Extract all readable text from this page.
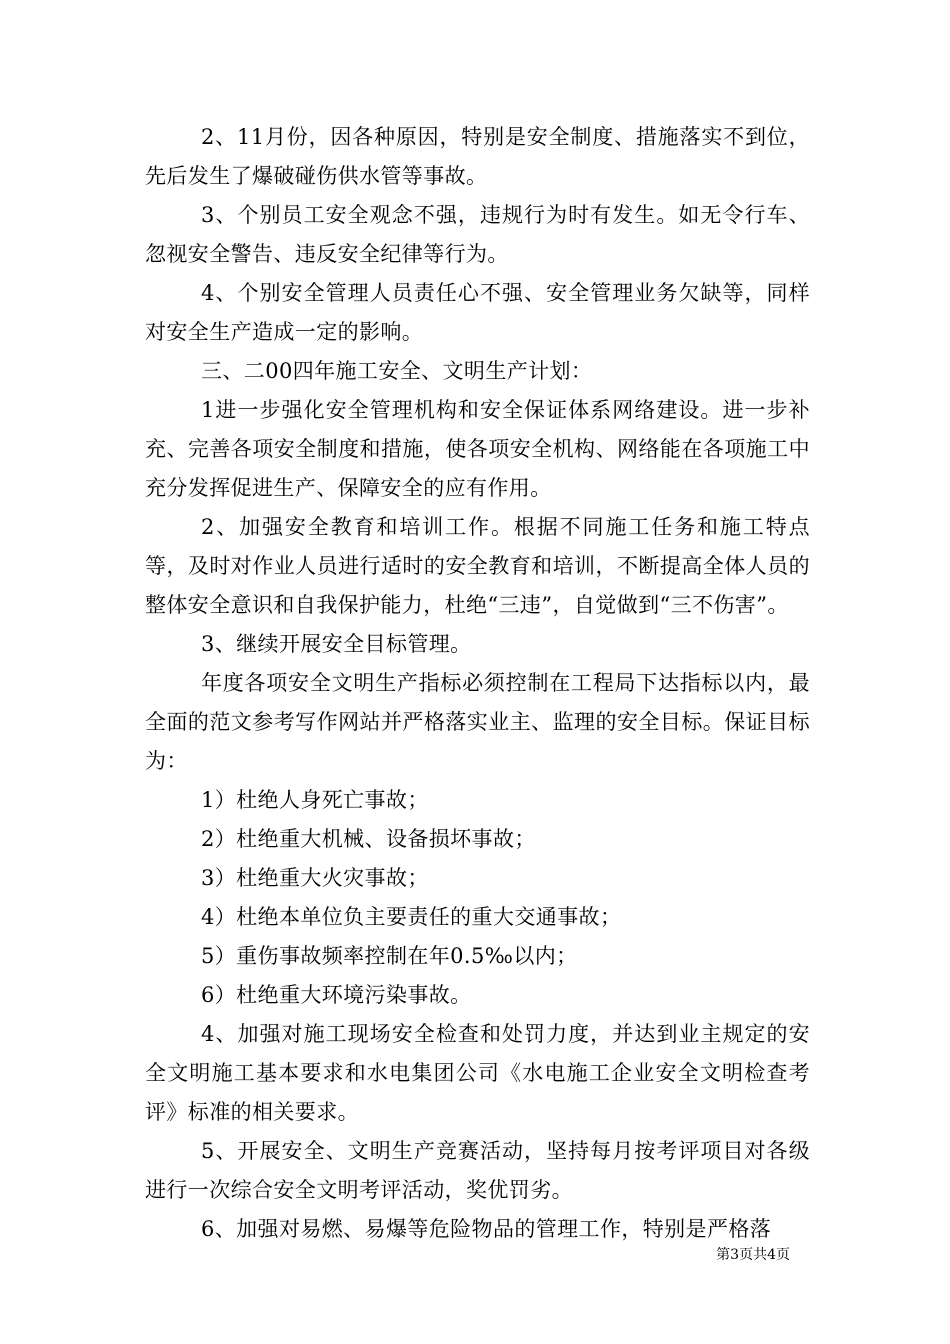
2、11月份，因各种原因，特别是安全制度、措施落实不到位，先后发生了爆破碰伤供水管等事故。

3、个别员工安全观念不强，违规行为时有发生。如无令行车、忽视安全警告、违反安全纪律等行为。

4、个别安全管理人员责任心不强、安全管理业务欠缺等，同样对安全生产造成一定的影响。

三、二00四年施工安全、文明生产计划：

1进一步强化安全管理机构和安全保证体系网络建设。进一步补充、完善各项安全制度和措施，使各项安全机构、网络能在各项施工中充分发挥促进生产、保障安全的应有作用。

2、加强安全教育和培训工作。根据不同施工任务和施工特点等，及时对作业人员进行适时的安全教育和培训，不断提高全体人员的整体安全意识和自我保护能力，杜绝“三违”，自觉做到“三不伤害”。

3、继续开展安全目标管理。

年度各项安全文明生产指标必须控制在工程局下达指标以内，最全面的范文参考写作网站并严格落实业主、监理的安全目标。保证目标为：

1）杜绝人身死亡事故；

2）杜绝重大机械、设备损坏事故；

3）杜绝重大火灾事故；

4）杜绝本单位负主要责任的重大交通事故；

5）重伤事故频率控制在年0.5‰以内；

6）杜绝重大环境污染事故。

4、加强对施工现场安全检查和处罚力度，并达到业主规定的安全文明施工基本要求和水电集团公司《水电施工企业安全文明检查考评》标准的相关要求。

5、开展安全、文明生产竞赛活动，坚持每月按考评项目对各级进行一次综合安全文明考评活动，奖优罚劣。

6、加强对易燃、易爆等危险物品的管理工作，特别是严格落

第3页共4页
